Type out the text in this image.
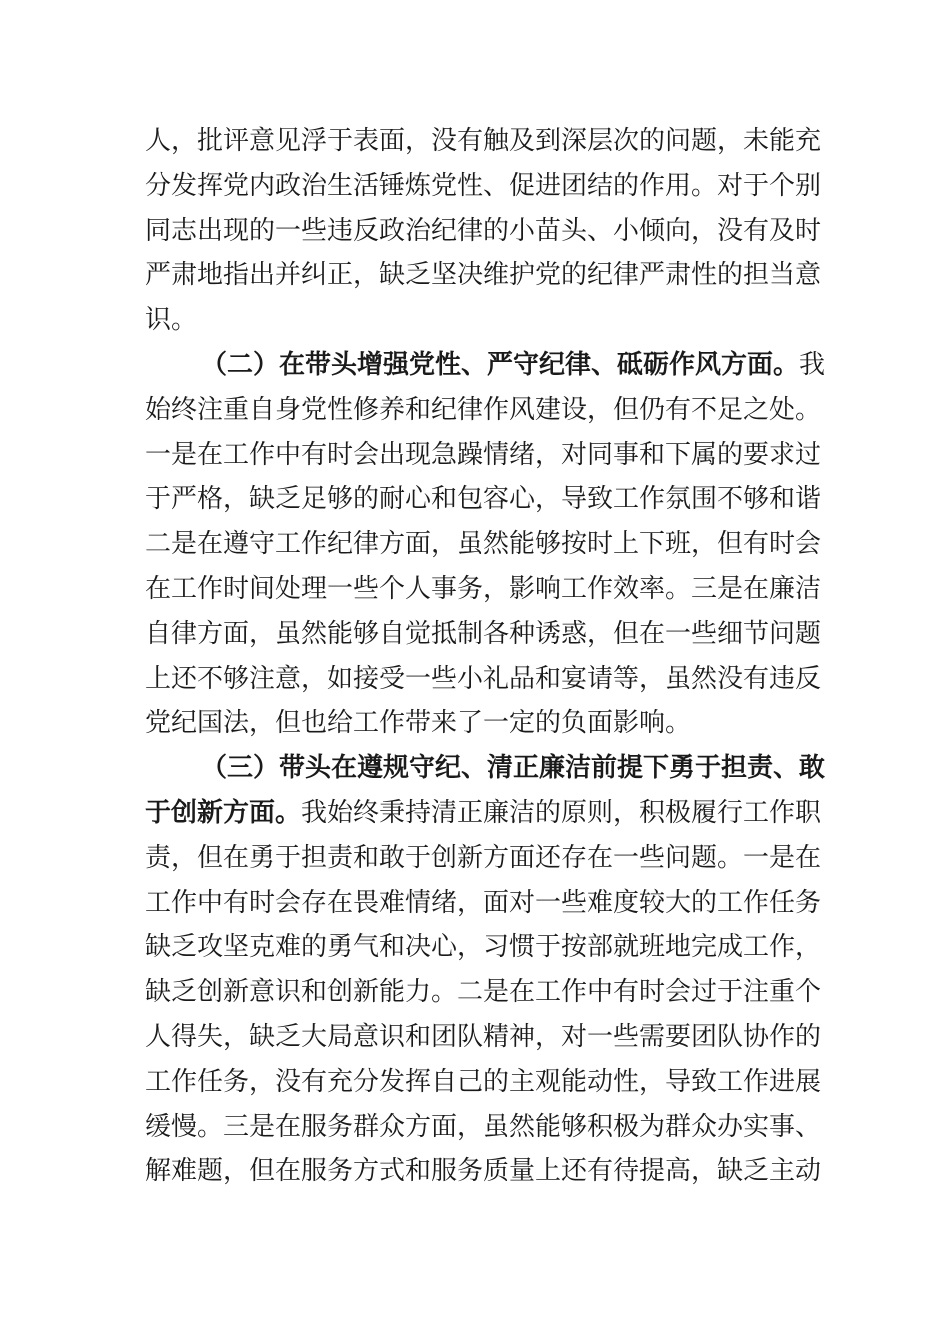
人，批评意见浮于表面，没有触及到深层次的问题，未能充
分发挥党内政治生活锤炼党性、促进团结的作用。对于个别
同志出现的一些违反政治纪律的小苗头、小倾向，没有及时
严肃地指出并纠正，缺乏坚决维护党的纪律严肃性的担当意
识。
（二）在带头增强党性、严守纪律、砥砺作风方面。我
始终注重自身党性修养和纪律作风建设，但仍有不足之处。
一是在工作中有时会出现急躁情绪，对同事和下属的要求过
于严格，缺乏足够的耐心和包容心，导致工作氛围不够和谐
二是在遵守工作纪律方面，虽然能够按时上下班，但有时会
在工作时间处理一些个人事务，影响工作效率。三是在廉洁
自律方面，虽然能够自觉抵制各种诱惑，但在一些细节问题
上还不够注意，如接受一些小礼品和宴请等，虽然没有违反
党纪国法，但也给工作带来了一定的负面影响。
（三）带头在遵规守纪、清正廉洁前提下勇于担责、敢
于创新方面。我始终秉持清正廉洁的原则，积极履行工作职
责，但在勇于担责和敢于创新方面还存在一些问题。一是在
工作中有时会存在畏难情绪，面对一些难度较大的工作任务
缺乏攻坚克难的勇气和决心，习惯于按部就班地完成工作，
缺乏创新意识和创新能力。二是在工作中有时会过于注重个
人得失，缺乏大局意识和团队精神，对一些需要团队协作的
工作任务，没有充分发挥自己的主观能动性，导致工作进展
缓慢。三是在服务群众方面，虽然能够积极为群众办实事、
解难题，但在服务方式和服务质量上还有待提高，缺乏主动
